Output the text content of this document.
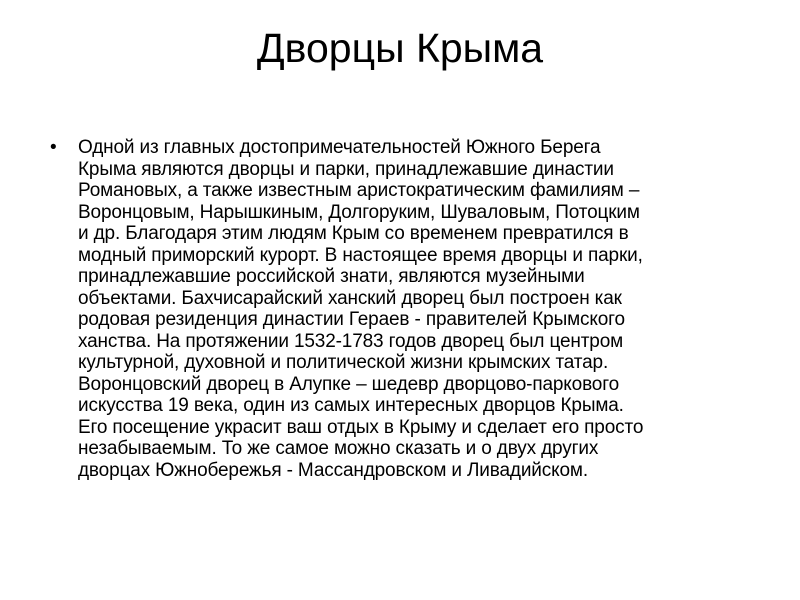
Дворцы Крыма
• Одной из главных достопримечательностей Южного Берега
Крыма являются дворцы и парки, принадлежавшие династии
Романовых, а также известным аристократическим фамилиям –
Воронцовым, Нарышкиным, Долгоруким, Шуваловым, Потоцким
и др. Благодаря этим людям Крым со временем превратился в
модный приморский курорт. В настоящее время дворцы и парки,
принадлежавшие российской знати, являются музейными
объектами. Бахчисарайский ханский дворец был построен как
родовая резиденция династии Гераев - правителей Крымского
ханства. На протяжении 1532-1783 годов дворец был центром
культурной, духовной и политической жизни крымских татар.
Воронцовский дворец в Алупке – шедевр дворцово-паркового
искусства 19 века, один из самых интересных дворцов Крыма.
Его посещение украсит ваш отдых в Крыму и сделает его просто
незабываемым. То же самое можно сказать и о двух других
дворцах Южнобережья - Массандровском и Ливадийском.
